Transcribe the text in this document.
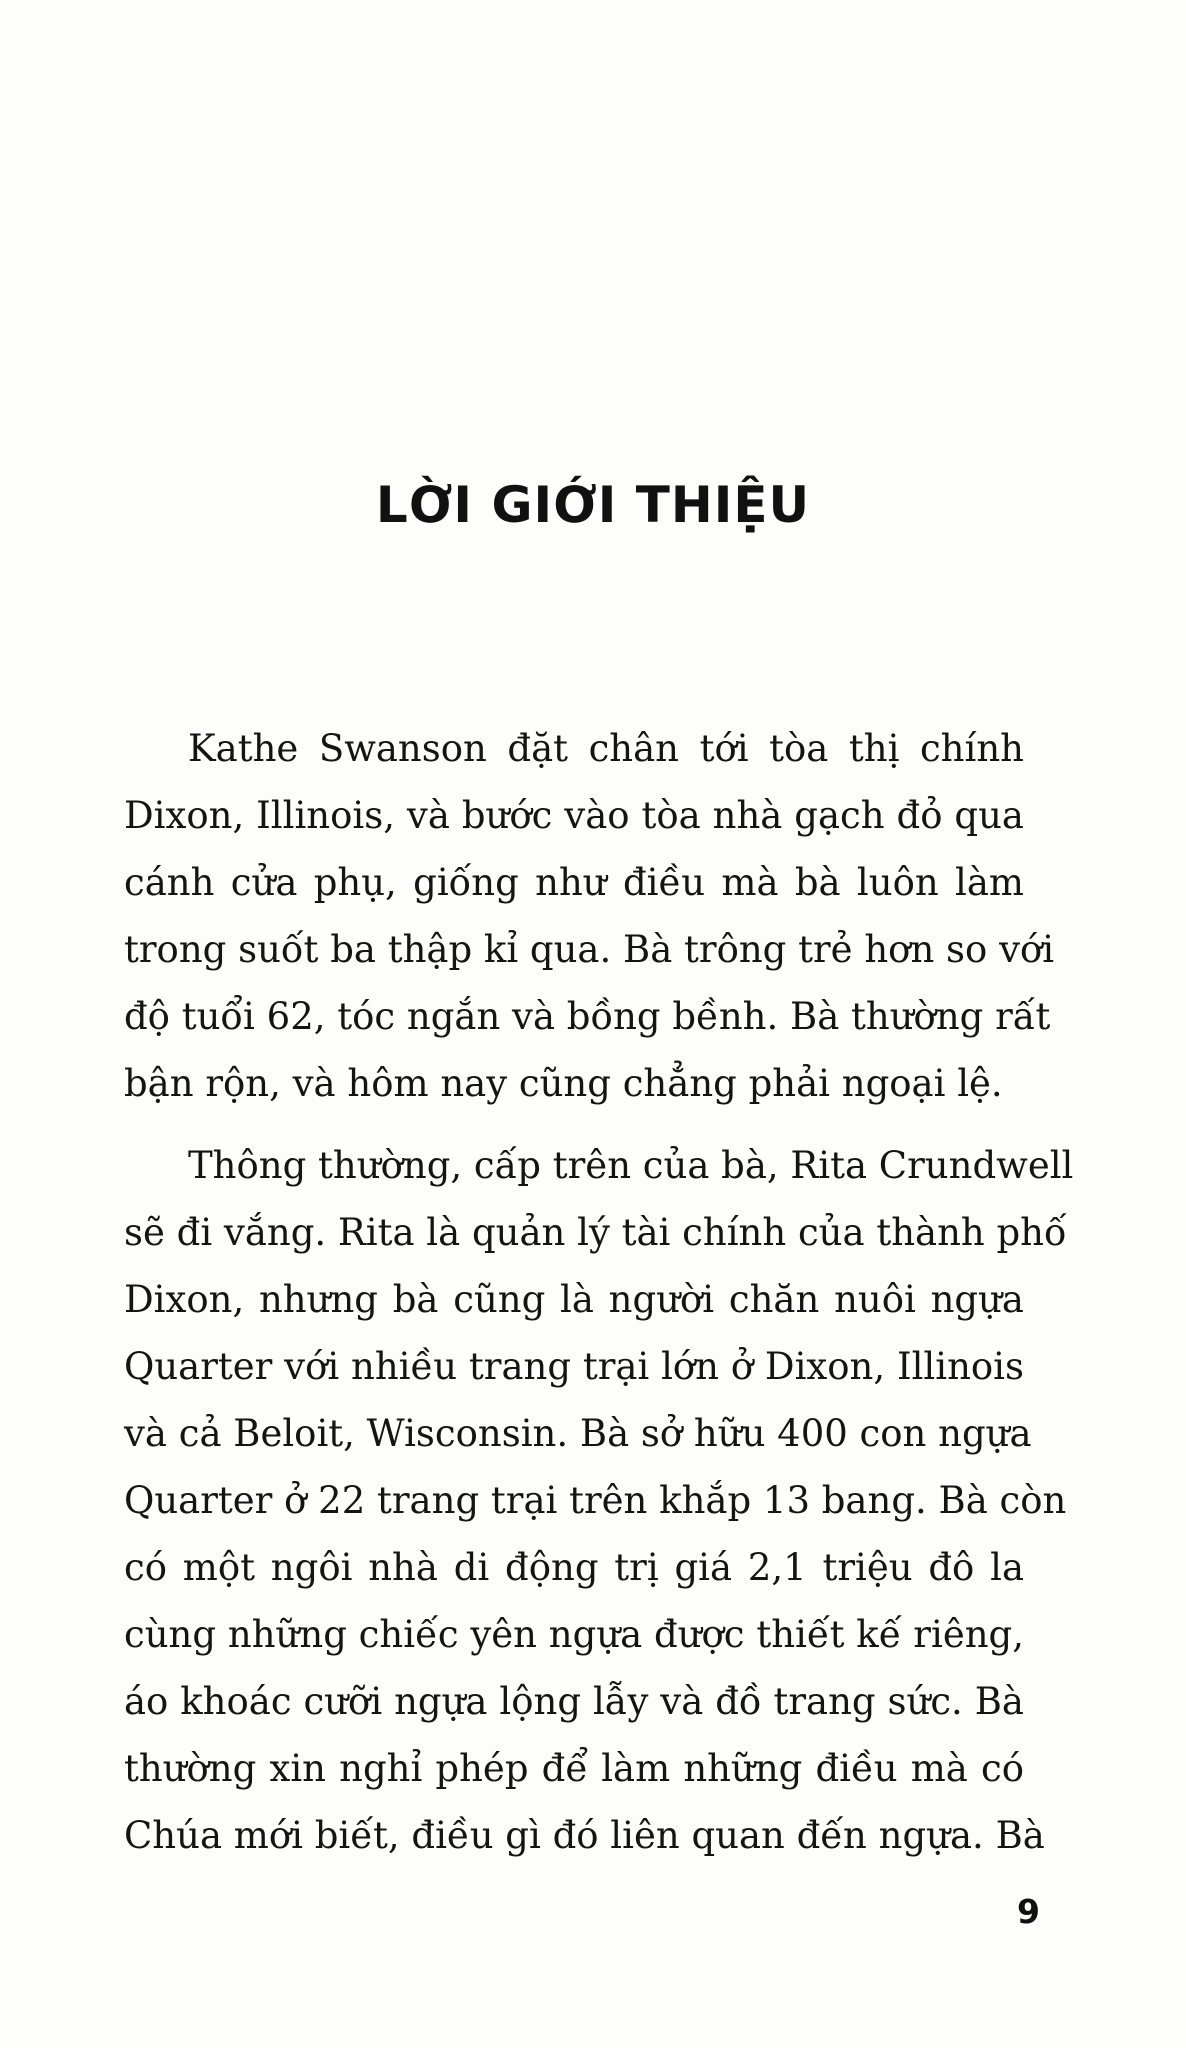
LỜI GIỚI THIỆU

Kathe Swanson đặt chân tới tòa thị chính
Dixon, Illinois, và bước vào tòa nhà gạch đỏ qua
cánh cửa phụ, giống như điều mà bà luôn làm
trong suốt ba thập kỉ qua. Bà trông trẻ hơn so với
độ tuổi 62, tóc ngắn và bồng bềnh. Bà thường rất
bận rộn, và hôm nay cũng chẳng phải ngoại lệ.

Thông thường, cấp trên của bà, Rita Crundwell
sẽ đi vắng. Rita là quản lý tài chính của thành phố
Dixon, nhưng bà cũng là người chăn nuôi ngựa
Quarter với nhiều trang trại lớn ở Dixon, Illinois
và cả Beloit, Wisconsin. Bà sở hữu 400 con ngựa
Quarter ở 22 trang trại trên khắp 13 bang. Bà còn
có một ngôi nhà di động trị giá 2,1 triệu đô la
cùng những chiếc yên ngựa được thiết kế riêng,
áo khoác cưỡi ngựa lộng lẫy và đồ trang sức. Bà
thường xin nghỉ phép để làm những điều mà có
Chúa mới biết, điều gì đó liên quan đến ngựa. Bà

9
